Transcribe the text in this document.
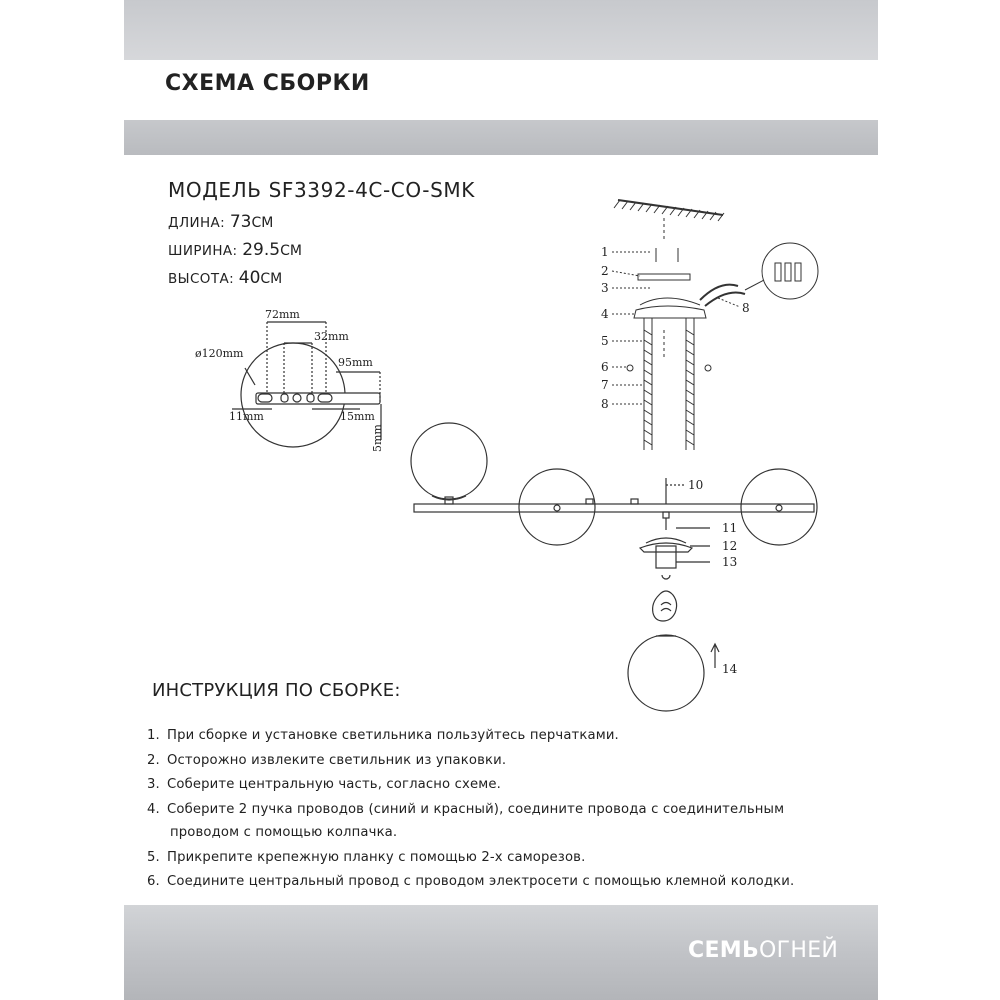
СХЕМА СБОРКИ
МОДЕЛЬ SF3392-4C-CO-SMK
ДЛИНА: 73СМ
ШИРИНА: 29.5СМ
ВЫСОТА: 40СМ
72mm
32mm
ø120mm
95mm
11mm	15mm
5mm
1
2
3
4
5
6
7
8
8
10
11
12
13
14
ИНСТРУКЦИЯ ПО СБОРКЕ:
1. При сборке и установке светильника пользуйтесь перчатками.
2. Осторожно извлеките светильник из упаковки.
3. Соберите центральную часть, согласно схеме.
4. Соберите 2 пучка проводов (синий и красный), соедините провода с соединительным
проводом с помощью колпачка.
5. Прикрепите крепежную планку с помощью 2-х саморезов.
6. Соедините центральный провод с проводом электросети с помощью клемной колодки.
СЕМЬОГНЕЙ
